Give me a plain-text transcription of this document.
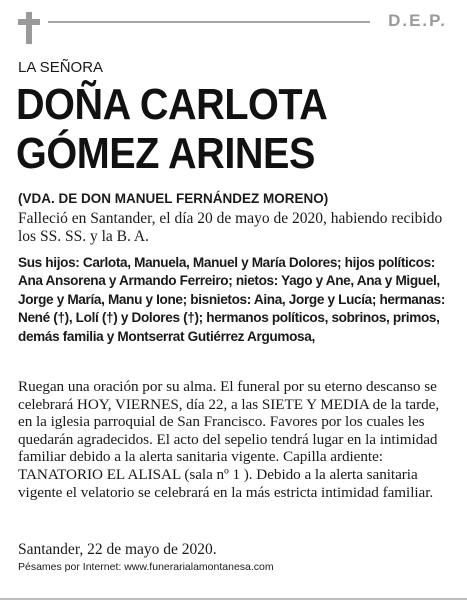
D.E.P.
LA SEÑORA
DOÑA CARLOTA
GÓMEZ ARINES
(VDA. DE DON MANUEL FERNÁNDEZ MORENO)
Falleció en Santander, el día 20 de mayo de 2020, habiendo recibido los SS. SS. y la B. A.
Sus hijos: Carlota, Manuela, Manuel y María Dolores; hijos políticos: Ana Ansorena y Armando Ferreiro; nietos: Yago y Ane, Ana y Miguel, Jorge y María, Manu y Ione; bisnietos: Aina, Jorge y Lucía; hermanas: Nené (†), Lolí (†) y Dolores (†); hermanos políticos, sobrinos, primos, demás familia y Montserrat Gutiérrez Argumosa,
Ruegan una oración por su alma. El funeral por su eterno descanso se celebrará HOY, VIERNES, día 22, a las SIETE Y MEDIA de la tarde, en la iglesia parroquial de San Francisco. Favores por los cuales les quedarán agradecidos. El acto del sepelio tendrá lugar en la intimidad familiar debido a la alerta sanitaria vigente. Capilla ardiente: TANATORIO EL ALISAL (sala nº 1 ). Debido a la alerta sanitaria vigente el velatorio se celebrará en la más estricta intimidad familiar.
Santander, 22 de mayo de 2020.
Pésames por Internet: www.funerarialamontanesa.com
